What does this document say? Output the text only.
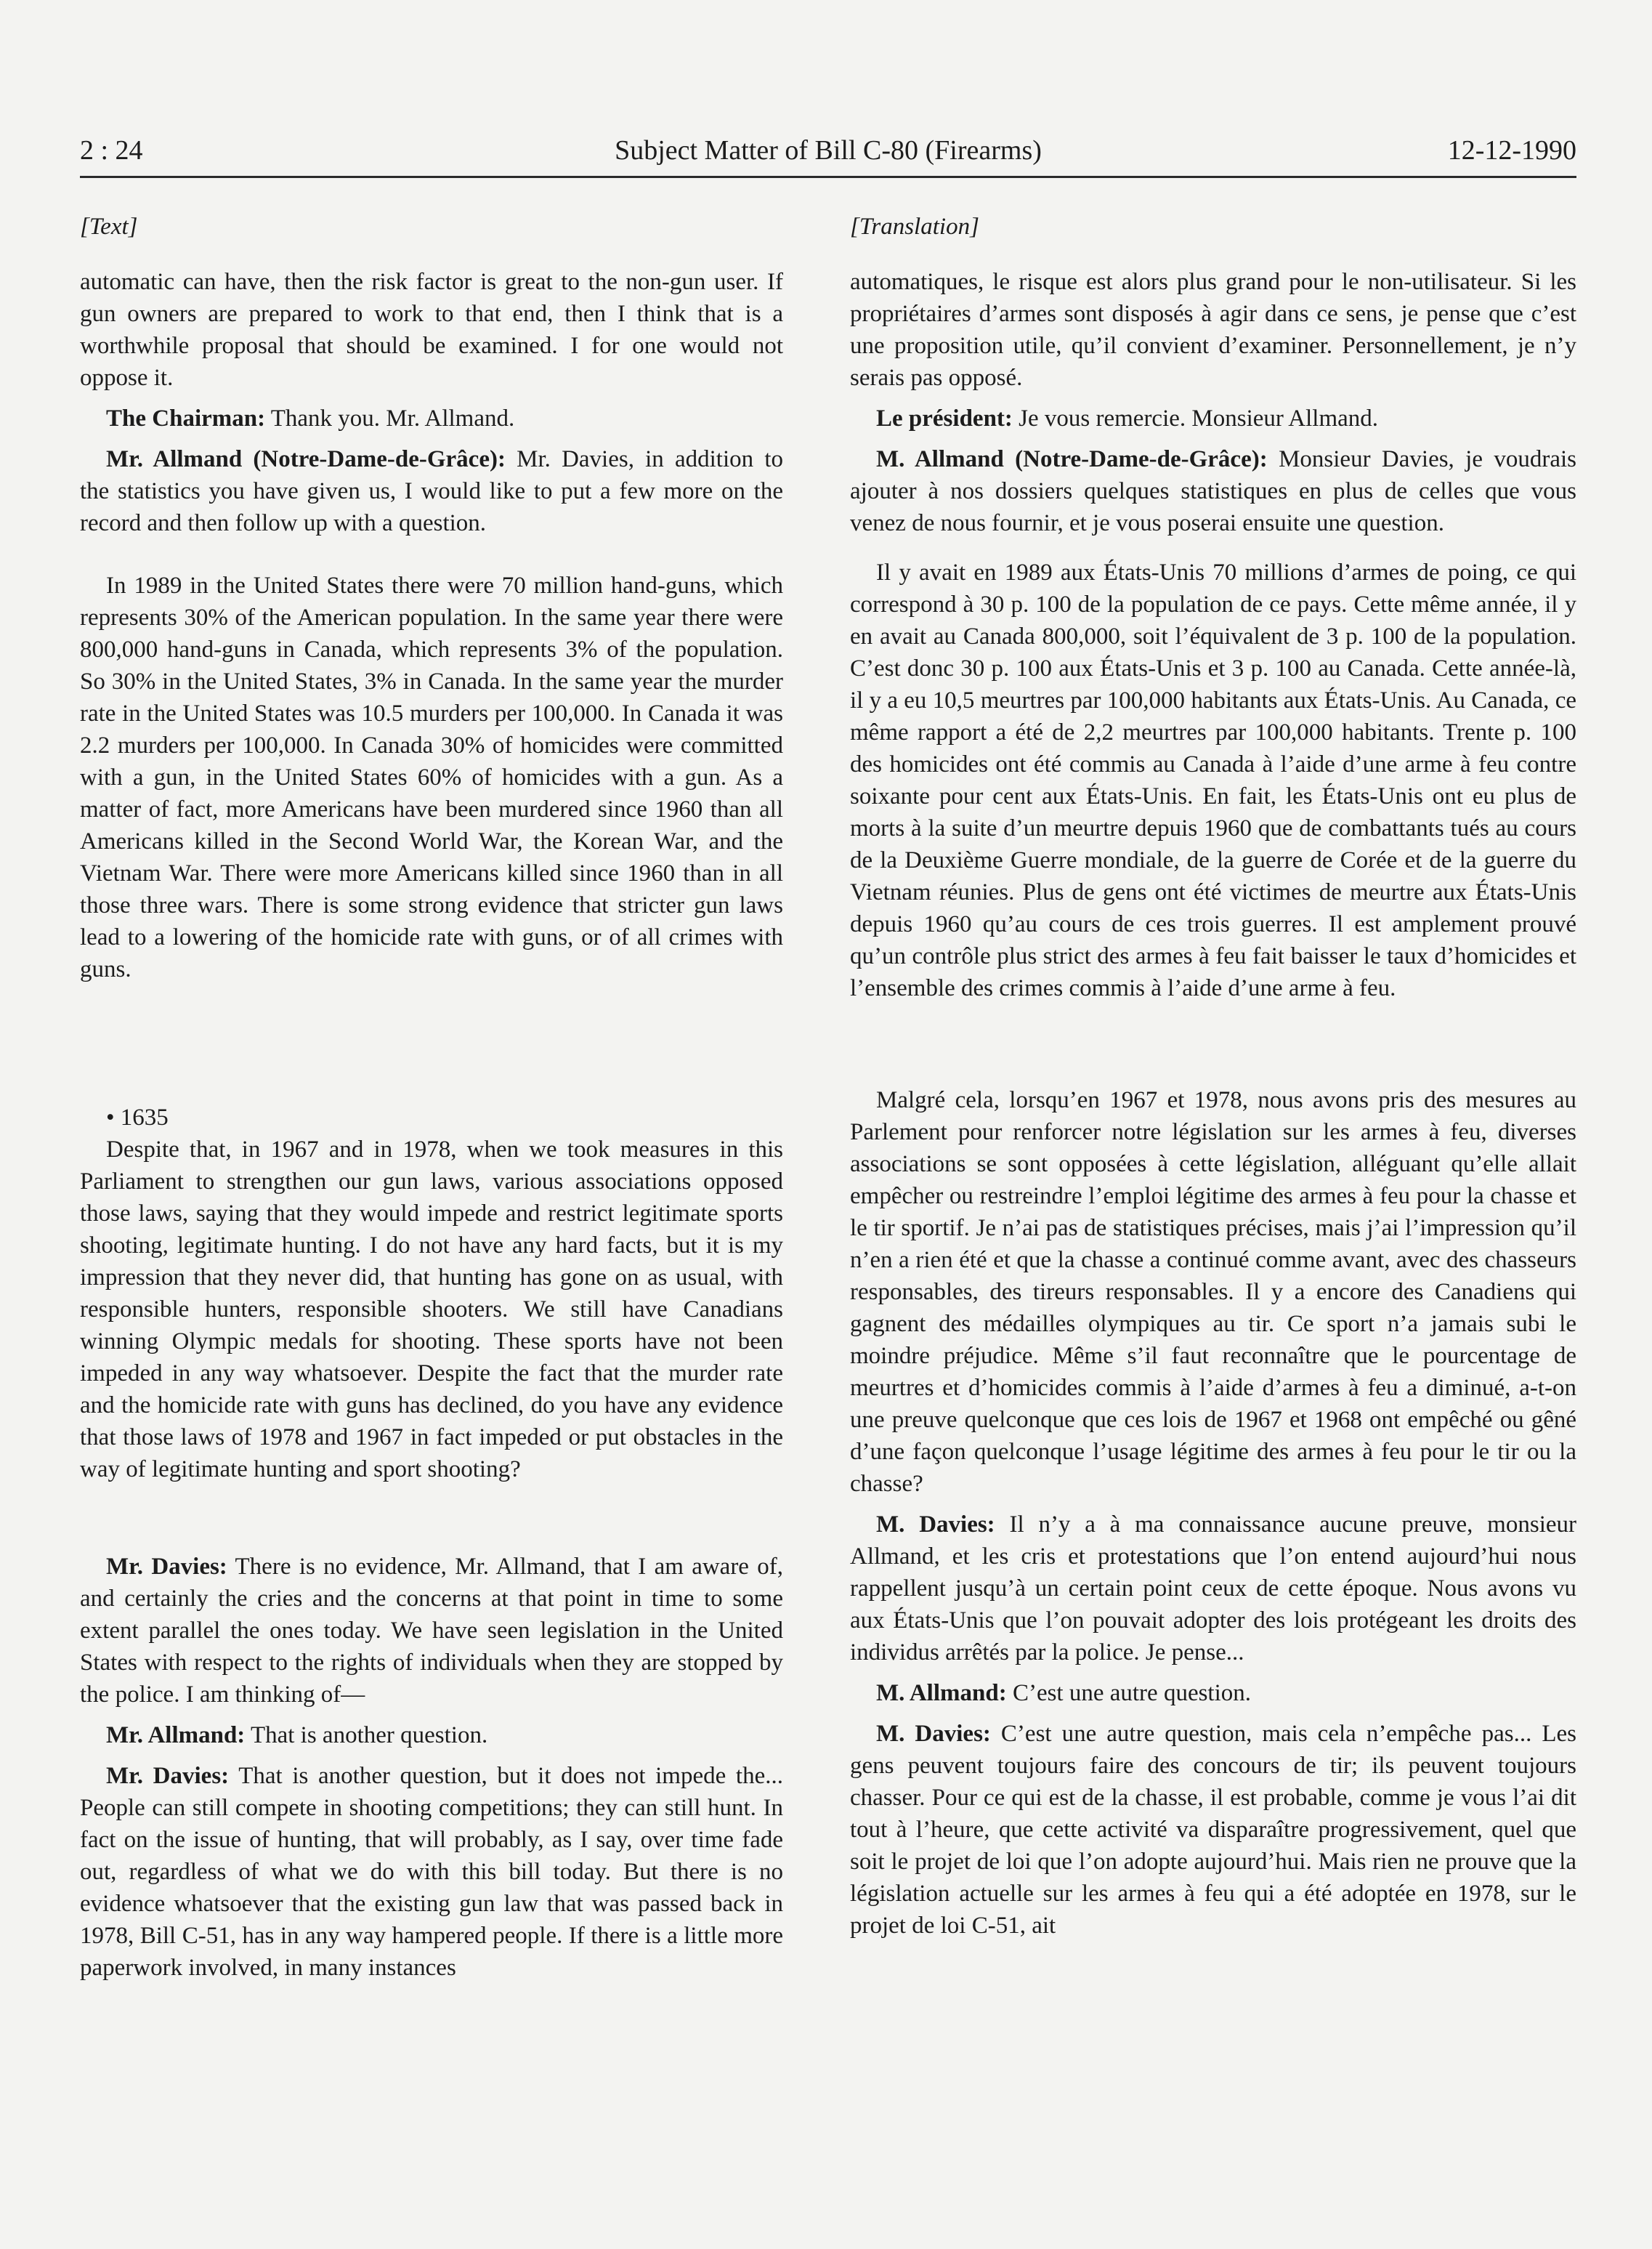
2 : 24	Subject Matter of Bill C-80 (Firearms)	12-12-1990
[Text]

automatic can have, then the risk factor is great to the non-gun user. If gun owners are prepared to work to that end, then I think that is a worthwhile proposal that should be examined. I for one would not oppose it.

The Chairman: Thank you. Mr. Allmand.

Mr. Allmand (Notre-Dame-de-Grâce): Mr. Davies, in addition to the statistics you have given us, I would like to put a few more on the record and then follow up with a question.

In 1989 in the United States there were 70 million hand-guns, which represents 30% of the American population. In the same year there were 800,000 hand-guns in Canada, which represents 3% of the population. So 30% in the United States, 3% in Canada. In the same year the murder rate in the United States was 10.5 murders per 100,000. In Canada it was 2.2 murders per 100,000. In Canada 30% of homicides were committed with a gun, in the United States 60% of homicides with a gun. As a matter of fact, more Americans have been murdered since 1960 than all Americans killed in the Second World War, the Korean War, and the Vietnam War. There were more Americans killed since 1960 than in all those three wars. There is some strong evidence that stricter gun laws lead to a lowering of the homicide rate with guns, or of all crimes with guns.

• 1635

Despite that, in 1967 and in 1978, when we took measures in this Parliament to strengthen our gun laws, various associations opposed those laws, saying that they would impede and restrict legitimate sports shooting, legitimate hunting. I do not have any hard facts, but it is my impression that they never did, that hunting has gone on as usual, with responsible hunters, responsible shooters. We still have Canadians winning Olympic medals for shooting. These sports have not been impeded in any way whatsoever. Despite the fact that the murder rate and the homicide rate with guns has declined, do you have any evidence that those laws of 1978 and 1967 in fact impeded or put obstacles in the way of legitimate hunting and sport shooting?

Mr. Davies: There is no evidence, Mr. Allmand, that I am aware of, and certainly the cries and the concerns at that point in time to some extent parallel the ones today. We have seen legislation in the United States with respect to the rights of individuals when they are stopped by the police. I am thinking of—

Mr. Allmand: That is another question.

Mr. Davies: That is another question, but it does not impede the... People can still compete in shooting competitions; they can still hunt. In fact on the issue of hunting, that will probably, as I say, over time fade out, regardless of what we do with this bill today. But there is no evidence whatsoever that the existing gun law that was passed back in 1978, Bill C-51, has in any way hampered people. If there is a little more paperwork involved, in many instances

[Translation]

automatiques, le risque est alors plus grand pour le non-utilisateur. Si les propriétaires d’armes sont disposés à agir dans ce sens, je pense que c’est une proposition utile, qu’il convient d’examiner. Personnellement, je n’y serais pas opposé.

Le président: Je vous remercie. Monsieur Allmand.

M. Allmand (Notre-Dame-de-Grâce): Monsieur Davies, je voudrais ajouter à nos dossiers quelques statistiques en plus de celles que vous venez de nous fournir, et je vous poserai ensuite une question.

Il y avait en 1989 aux États-Unis 70 millions d’armes de poing, ce qui correspond à 30 p. 100 de la population de ce pays. Cette même année, il y en avait au Canada 800,000, soit l’équivalent de 3 p. 100 de la population. C’est donc 30 p. 100 aux États-Unis et 3 p. 100 au Canada. Cette année-là, il y a eu 10,5 meurtres par 100,000 habitants aux États-Unis. Au Canada, ce même rapport a été de 2,2 meurtres par 100,000 habitants. Trente p. 100 des homicides ont été commis au Canada à l’aide d’une arme à feu contre soixante pour cent aux États-Unis. En fait, les États-Unis ont eu plus de morts à la suite d’un meurtre depuis 1960 que de combattants tués au cours de la Deuxième Guerre mondiale, de la guerre de Corée et de la guerre du Vietnam réunies. Plus de gens ont été victimes de meurtre aux États-Unis depuis 1960 qu’au cours de ces trois guerres. Il est amplement prouvé qu’un contrôle plus strict des armes à feu fait baisser le taux d’homicides et l’ensemble des crimes commis à l’aide d’une arme à feu.

Malgré cela, lorsqu’en 1967 et 1978, nous avons pris des mesures au Parlement pour renforcer notre législation sur les armes à feu, diverses associations se sont opposées à cette législation, alléguant qu’elle allait empêcher ou restreindre l’emploi légitime des armes à feu pour la chasse et le tir sportif. Je n’ai pas de statistiques précises, mais j’ai l’impression qu’il n’en a rien été et que la chasse a continué comme avant, avec des chasseurs responsables, des tireurs responsables. Il y a encore des Canadiens qui gagnent des médailles olympiques au tir. Ce sport n’a jamais subi le moindre préjudice. Même s’il faut reconnaître que le pourcentage de meurtres et d’homicides commis à l’aide d’armes à feu a diminué, a-t-on une preuve quelconque que ces lois de 1967 et 1968 ont empêché ou gêné d’une façon quelconque l’usage légitime des armes à feu pour le tir ou la chasse?

M. Davies: Il n’y a à ma connaissance aucune preuve, monsieur Allmand, et les cris et protestations que l’on entend aujourd’hui nous rappellent jusqu’à un certain point ceux de cette époque. Nous avons vu aux États-Unis que l’on pouvait adopter des lois protégeant les droits des individus arrêtés par la police. Je pense...

M. Allmand: C’est une autre question.

M. Davies: C’est une autre question, mais cela n’empêche pas... Les gens peuvent toujours faire des concours de tir; ils peuvent toujours chasser. Pour ce qui est de la chasse, il est probable, comme je vous l’ai dit tout à l’heure, que cette activité va disparaître progressivement, quel que soit le projet de loi que l’on adopte aujourd’hui. Mais rien ne prouve que la législation actuelle sur les armes à feu qui a été adoptée en 1978, sur le projet de loi C-51, ait
